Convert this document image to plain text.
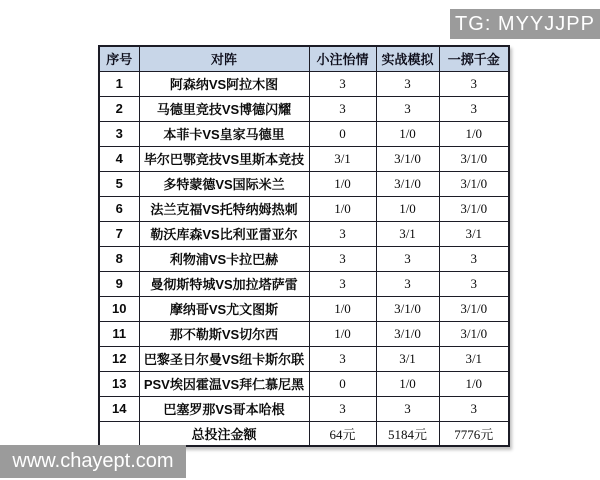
TG: MYYJJPP
序号	对阵	小注怡情	实战模拟	一掷千金
1	阿森纳VS阿拉木图	3	3	3
2	马德里竞技VS博德闪耀	3	3	3
3	本菲卡VS皇家马德里	0	1/0	1/0
4	毕尔巴鄂竞技VS里斯本竞技	3/1	3/1/0	3/1/0
5	多特蒙德VS国际米兰	1/0	3/1/0	3/1/0
6	法兰克福VS托特纳姆热刺	1/0	1/0	3/1/0
7	勒沃库森VS比利亚雷亚尔	3	3/1	3/1
8	利物浦VS卡拉巴赫	3	3	3
9	曼彻斯特城VS加拉塔萨雷	3	3	3
10	摩纳哥VS尤文图斯	1/0	3/1/0	3/1/0
11	那不勒斯VS切尔西	1/0	3/1/0	3/1/0
12	巴黎圣日尔曼VS纽卡斯尔联	3	3/1	3/1
13	PSV埃因霍温VS拜仁慕尼黑	0	1/0	1/0
14	巴塞罗那VS哥本哈根	3	3	3
	总投注金额	64元	5184元	7776元
www.chayept.com
